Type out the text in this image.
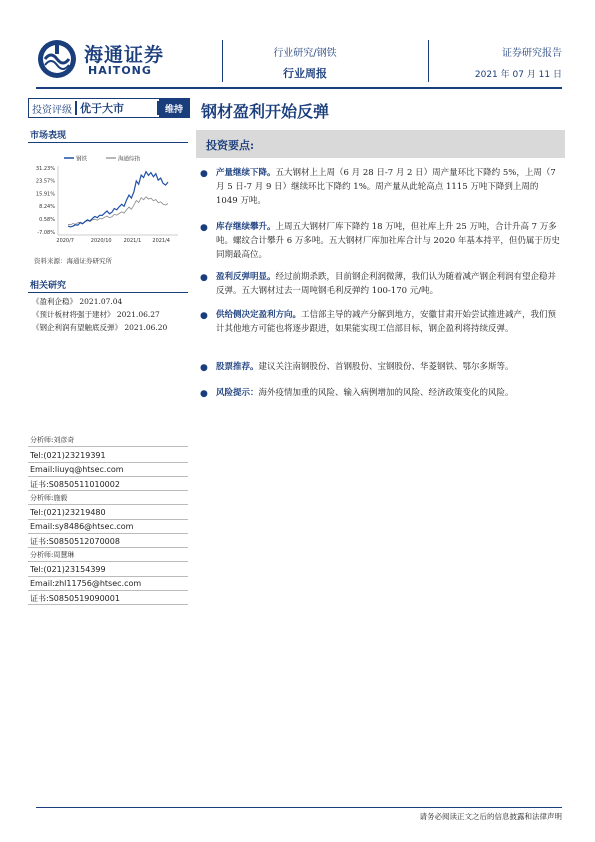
海通证券
HAITONG
行业研究/钢铁
行业周报
证券研究报告
2021 年 07 月 11 日
投资评级 优于大市	维持	钢材盈利开始反弹
市场表现
钢铁	海通综指
31.23%
23.57%
15.91%
8.24%
0.58%
-7.08%
2020/7	2020/10 2021/1 2021/4
资料来源：海通证券研究所
相关研究
《盈利企稳》 2021.07.04
《预计板材将强于建材》 2021.06.27
《钢企利润有望触底反弹》 2021.06.20
分析师:刘彦奇
Tel:(021)23219391
Email:liuyq@htsec.com
证书:S0850511010002
分析师:施毅
Tel:(021)23219480
Email:sy8486@htsec.com
证书:S0850512070008
分析师:周慧琳
Tel:(021)23154399
Email:zhl11756@htsec.com
证书:S0850519090001
投资要点:
● 产量继续下降。五大钢材上上周（6 月 28 日-7 月 2 日）周产量环比下降约 5%，上周（7 月 5 日-7 月 9 日）继续环比下降约 1%。周产量从此轮高点 1115 万吨下降到上周的 1049 万吨。
● 库存继续攀升。上周五大钢材厂库下降约 18 万吨，但社库上升 25 万吨，合计升高 7 万多吨。螺纹合计攀升 6 万多吨。五大钢材厂库加社库合计与 2020 年基本持平，但仍属于历史同期最高位。
● 盈利反弹明显。经过前期杀跌，目前钢企利润微薄，我们认为随着减产钢企利润有望企稳并反弹。五大钢材过去一周吨钢毛利反弹约 100-170 元/吨。
● 供给侧决定盈利方向。工信部主导的减产分解到地方，安徽甘肃开始尝试推进减产，我们预计其他地方可能也将逐步跟进，如果能实现工信部目标，钢企盈利将持续反弹。
● 股票推荐。建议关注南钢股份、首钢股份、宝钢股份、华菱钢铁、鄂尔多斯等。
● 风险提示：海外疫情加重的风险、输入病例增加的风险、经济政策变化的风险。
请务必阅读正文之后的信息披露和法律声明
